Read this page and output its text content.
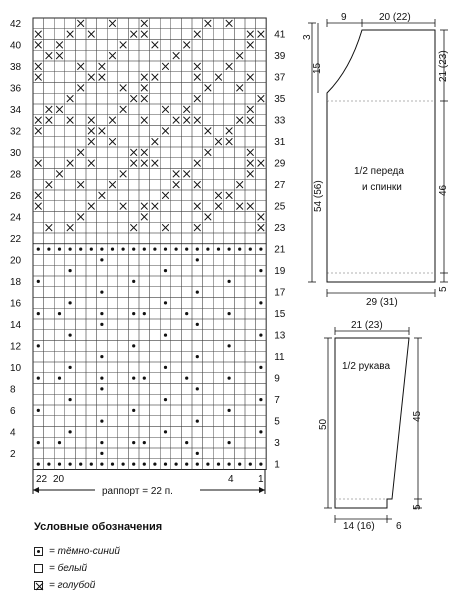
42
40
38
36
34
32
30
28
26
24
22
20
18
16
14
12
10
8
6
4
2
41
39
37
35
33
31
29
27
25
23
21
19
17
15
13
11
9
7
5
3
1
22 20	4 1
раппорт = 22 п.
9	20 (22)
3
15
54 (56)
21 (23)
46
5
29 (31)
1/2 переда
и спинки
21 (23)
50
45
5
14 (16) 6
1/2 рукава
Условные обозначения
= тёмно-синий
= белый
= голубой
